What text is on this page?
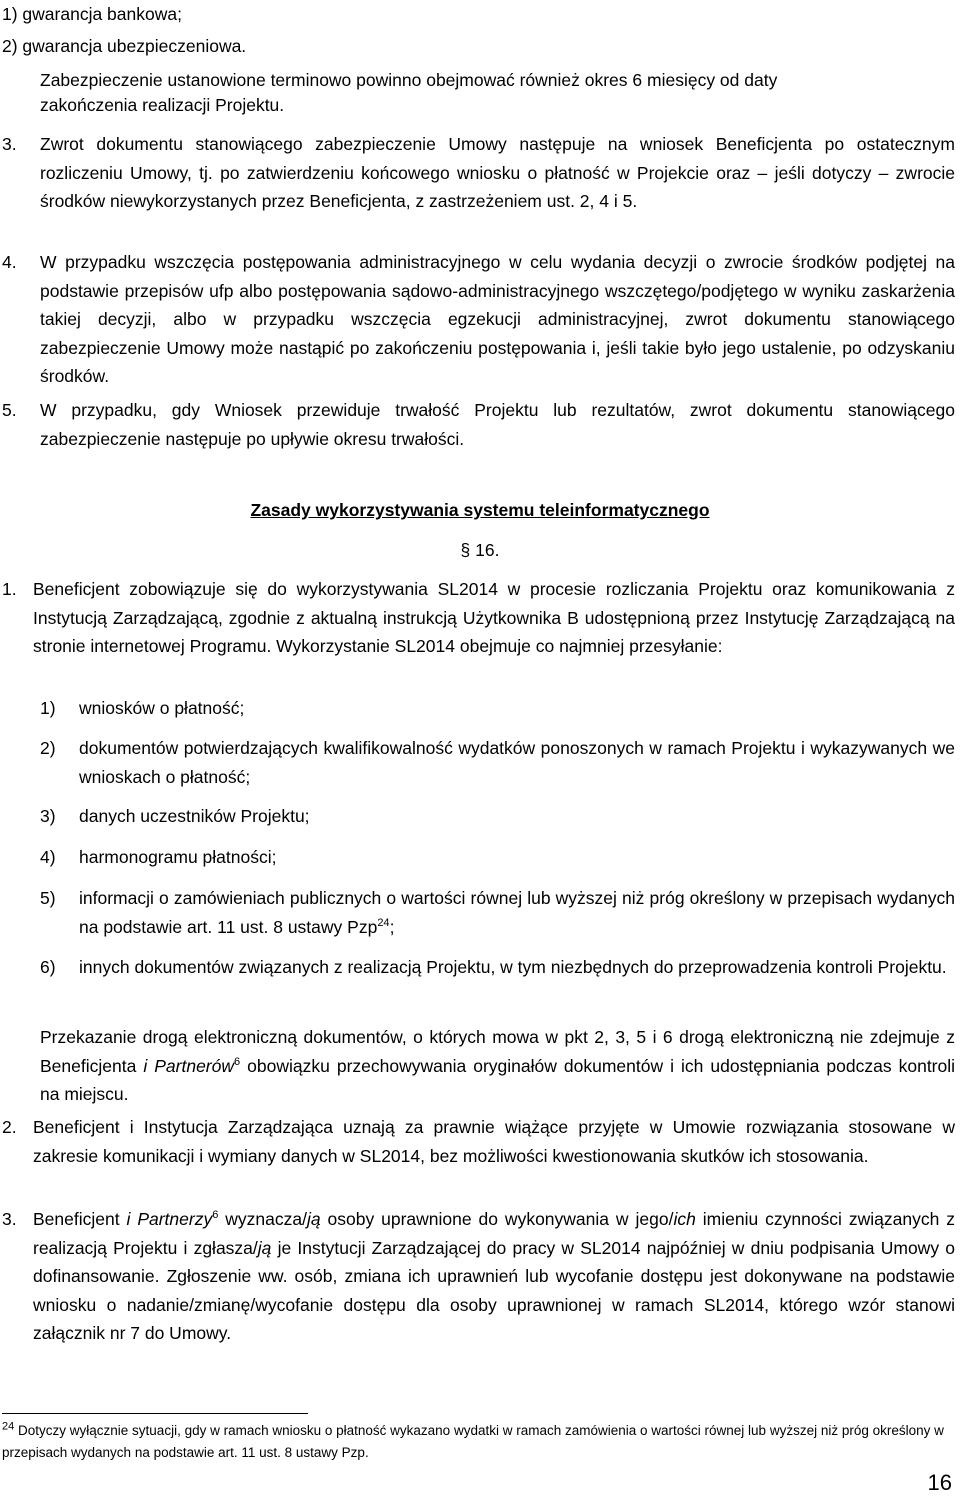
1) gwarancja bankowa;
2) gwarancja ubezpieczeniowa.
Zabezpieczenie ustanowione terminowo powinno obejmować również okres 6 miesięcy od daty
zakończenia realizacji Projektu.
3. Zwrot dokumentu stanowiącego zabezpieczenie Umowy następuje na wniosek Beneficjenta po ostatecznym rozliczeniu Umowy, tj. po zatwierdzeniu końcowego wniosku o płatność w Projekcie oraz – jeśli dotyczy – zwrocie środków niewykorzystanych przez Beneficjenta, z zastrzeżeniem ust. 2, 4 i 5.
4. W przypadku wszczęcia postępowania administracyjnego w celu wydania decyzji o zwrocie środków podjętej na podstawie przepisów ufp albo postępowania sądowo-administracyjnego wszczętego/podjętego w wyniku zaskarżenia takiej decyzji, albo w przypadku wszczęcia egzekucji administracyjnej, zwrot dokumentu stanowiącego zabezpieczenie Umowy może nastąpić po zakończeniu postępowania i, jeśli takie było jego ustalenie, po odzyskaniu środków.
5. W przypadku, gdy Wniosek przewiduje trwałość Projektu lub rezultatów, zwrot dokumentu stanowiącego zabezpieczenie następuje po upływie okresu trwałości.
Zasady wykorzystywania systemu teleinformatycznego
§ 16.
1. Beneficjent zobowiązuje się do wykorzystywania SL2014 w procesie rozliczania Projektu oraz komunikowania z Instytucją Zarządzającą, zgodnie z aktualną instrukcją Użytkownika B udostępnioną przez Instytucję Zarządzającą na stronie internetowej Programu. Wykorzystanie SL2014 obejmuje co najmniej przesyłanie:
1) wniosków o płatność;
2) dokumentów potwierdzających kwalifikowalność wydatków ponoszonych w ramach Projektu i wykazywanych we wnioskach o płatność;
3) danych uczestników Projektu;
4) harmonogramu płatności;
5) informacji o zamówieniach publicznych o wartości równej lub wyższej niż próg określony w przepisach wydanych na podstawie art. 11 ust. 8 ustawy Pzp$^{24}$;
6) innych dokumentów związanych z realizacją Projektu, w tym niezbędnych do przeprowadzenia kontroli Projektu.
Przekazanie drogą elektroniczną dokumentów, o których mowa w pkt 2, 3, 5 i 6 drogą elektroniczną nie zdejmuje z Beneficjenta i Partnerów$^6$ obowiązku przechowywania oryginałów dokumentów i ich udostępniania podczas kontroli na miejscu.
2. Beneficjent i Instytucja Zarządzająca uznają za prawnie wiążące przyjęte w Umowie rozwiązania stosowane w zakresie komunikacji i wymiany danych w SL2014, bez możliwości kwestionowania skutków ich stosowania.
3. Beneficjent i Partnerzy$^6$ wyznacza/ją osoby uprawnione do wykonywania w jego/ich imieniu czynności związanych z realizacją Projektu i zgłasza/ją je Instytucji Zarządzającej do pracy w SL2014 najpóźniej w dniu podpisania Umowy o dofinansowanie. Zgłoszenie ww. osób, zmiana ich uprawnień lub wycofanie dostępu jest dokonywane na podstawie wniosku o nadanie/zmianę/wycofanie dostępu dla osoby uprawnionej w ramach SL2014, którego wzór stanowi załącznik nr 7 do Umowy.
$^{24}$ Dotyczy wyłącznie sytuacji, gdy w ramach wniosku o płatność wykazano wydatki w ramach zamówienia o wartości równej lub wyższej niż próg określony w przepisach wydanych na podstawie art. 11 ust. 8 ustawy Pzp.
16
